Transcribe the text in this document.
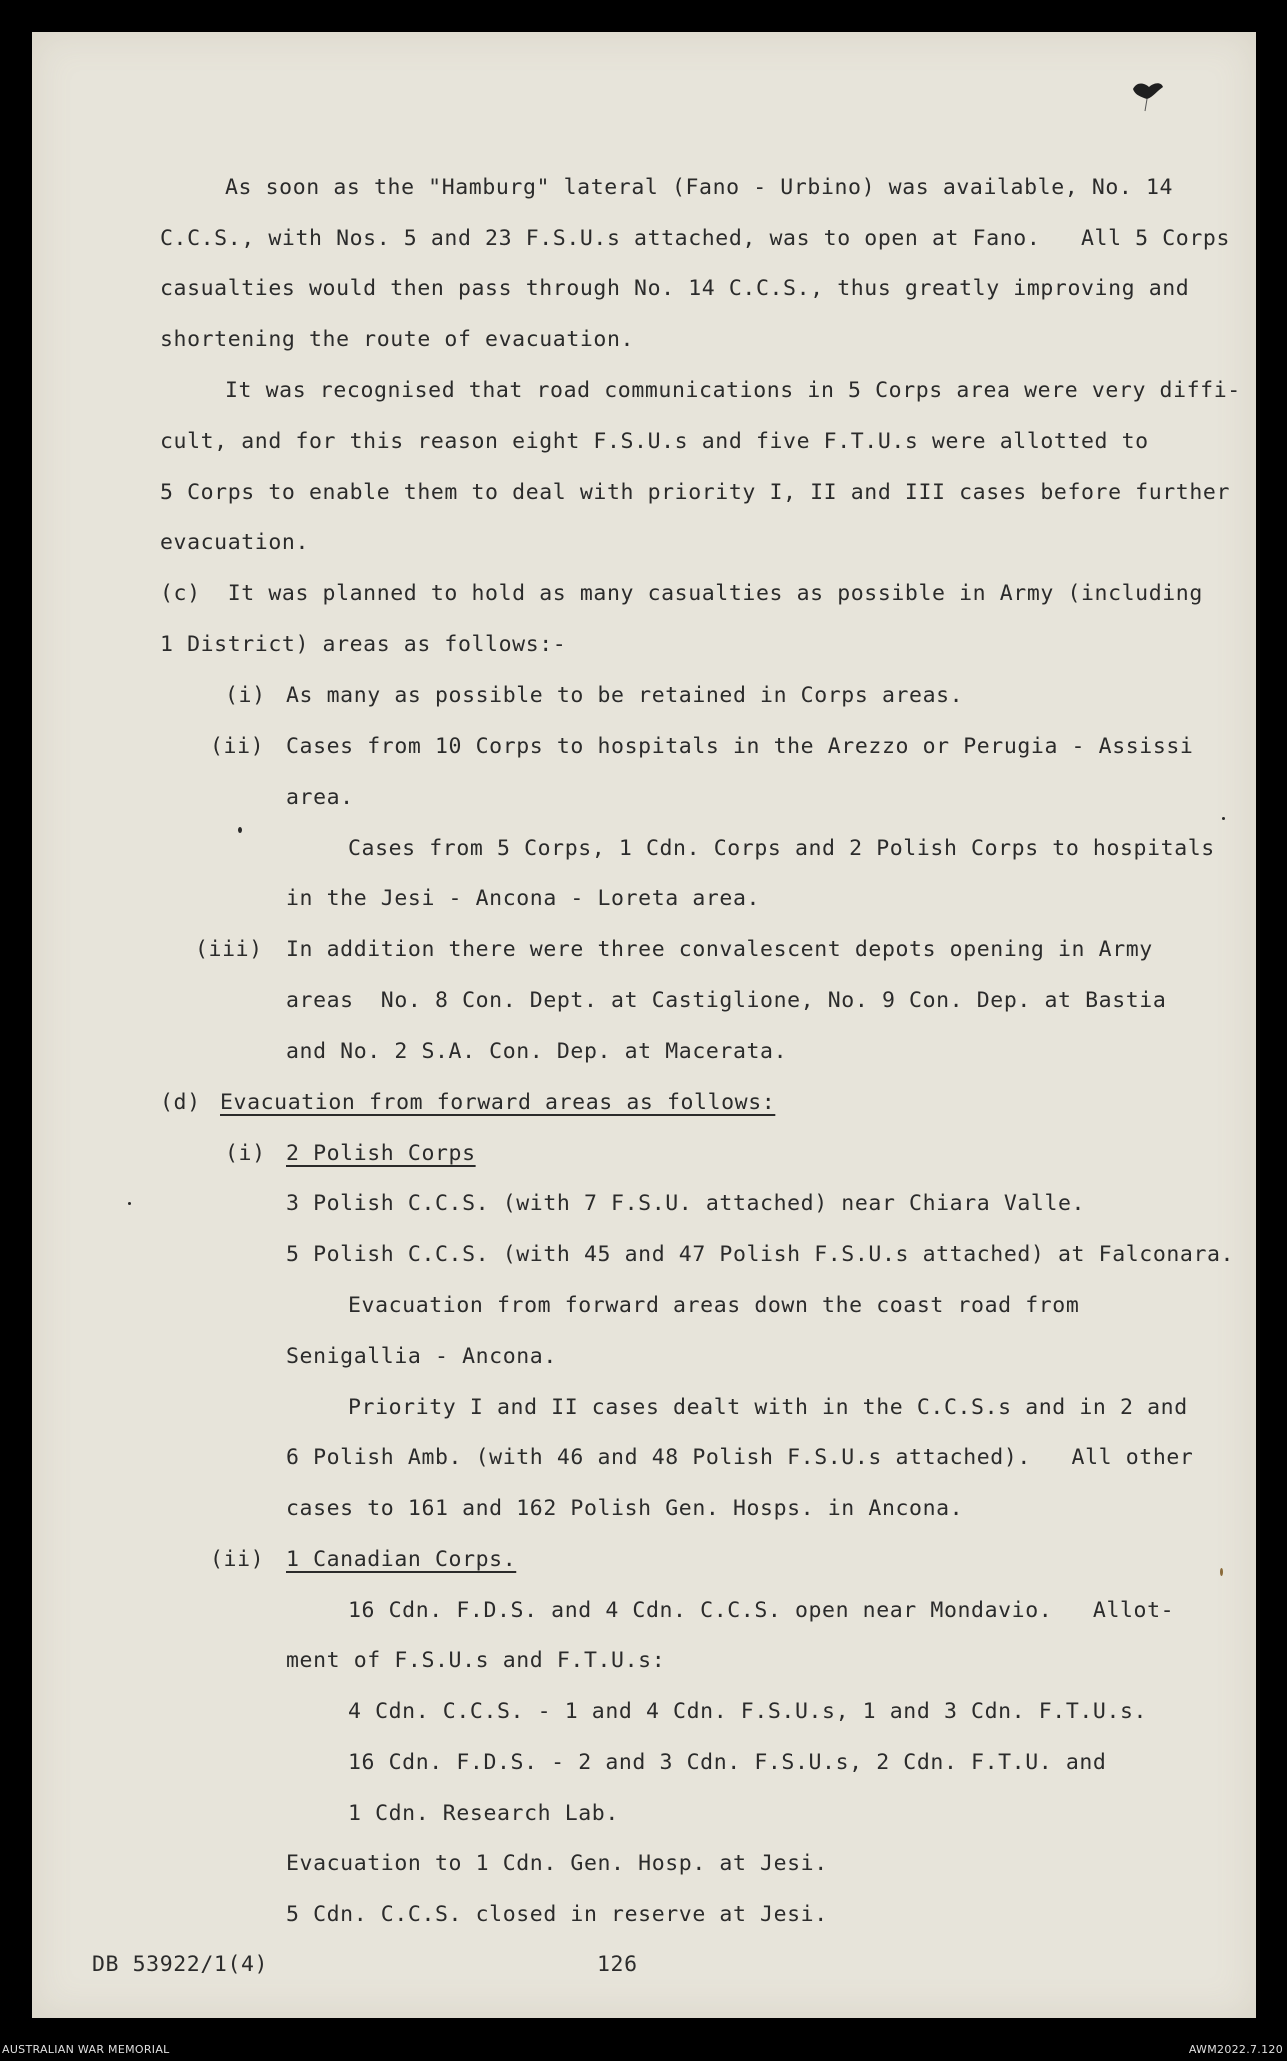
As soon as the "Hamburg" lateral (Fano - Urbino) was available, No. 14
C.C.S., with Nos. 5 and 23 F.S.U.s attached, was to open at Fano.   All 5 Corps
casualties would then pass through No. 14 C.C.S., thus greatly improving and
shortening the route of evacuation.
It was recognised that road communications in 5 Corps area were very diffi-
cult, and for this reason eight F.S.U.s and five F.T.U.s were allotted to
5 Corps to enable them to deal with priority I, II and III cases before further
evacuation.
(c)  It was planned to hold as many casualties as possible in Army (including
1 District) areas as follows:-
(i) As many as possible to be retained in Corps areas.
(ii) Cases from 10 Corps to hospitals in the Arezzo or Perugia - Assissi
area.
Cases from 5 Corps, 1 Cdn. Corps and 2 Polish Corps to hospitals
in the Jesi - Ancona - Loreta area.
(iii) In addition there were three convalescent depots opening in Army
areas  No. 8 Con. Dept. at Castiglione, No. 9 Con. Dep. at Bastia
and No. 2 S.A. Con. Dep. at Macerata.
(d) Evacuation from forward areas as follows:
(i) 2 Polish Corps
3 Polish C.C.S. (with 7 F.S.U. attached) near Chiara Valle.
5 Polish C.C.S. (with 45 and 47 Polish F.S.U.s attached) at Falconara.
Evacuation from forward areas down the coast road from
Senigallia - Ancona.
Priority I and II cases dealt with in the C.C.S.s and in 2 and
6 Polish Amb. (with 46 and 48 Polish F.S.U.s attached).   All other
cases to 161 and 162 Polish Gen. Hosps. in Ancona.
(ii) 1 Canadian Corps.
16 Cdn. F.D.S. and 4 Cdn. C.C.S. open near Mondavio.   Allot-
ment of F.S.U.s and F.T.U.s:
4 Cdn. C.C.S. - 1 and 4 Cdn. F.S.U.s, 1 and 3 Cdn. F.T.U.s.
16 Cdn. F.D.S. - 2 and 3 Cdn. F.S.U.s, 2 Cdn. F.T.U. and
1 Cdn. Research Lab.
Evacuation to 1 Cdn. Gen. Hosp. at Jesi.
5 Cdn. C.C.S. closed in reserve at Jesi.
DB 53922/1(4)	126
AUSTRALIAN WAR MEMORIAL	AWM2022.7.120
